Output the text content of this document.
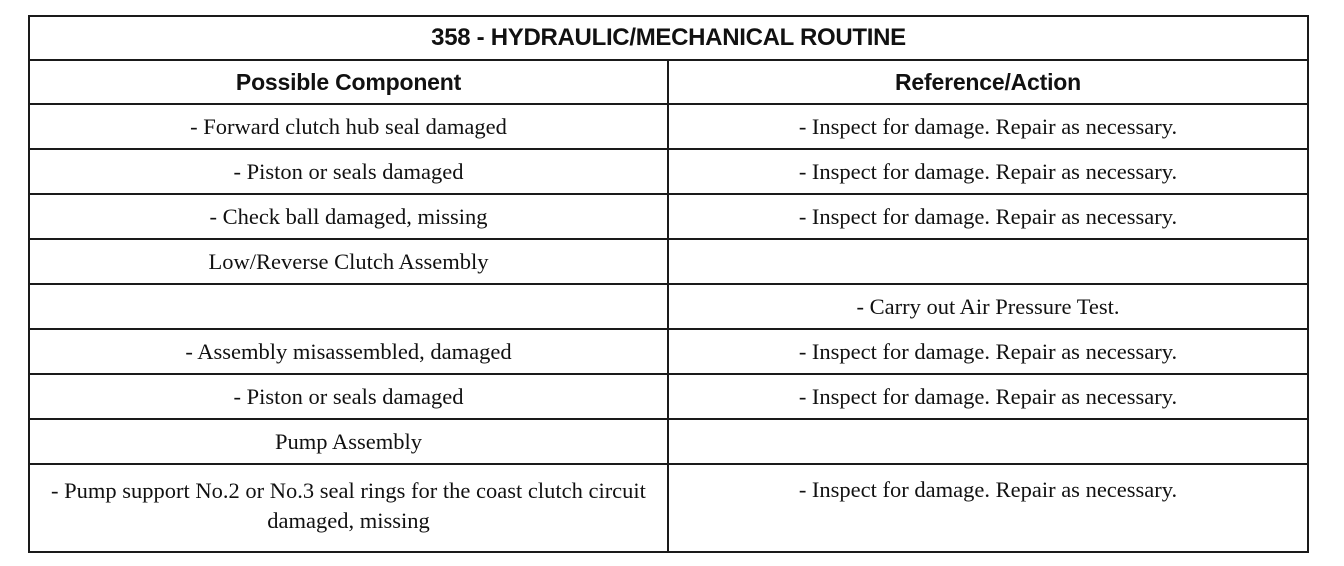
358 - HYDRAULIC/MECHANICAL ROUTINE	
Possible Component	Reference/Action
- Forward clutch hub seal damaged	- Inspect for damage. Repair as necessary.
- Piston or seals damaged	- Inspect for damage. Repair as necessary.
- Check ball damaged, missing	- Inspect for damage. Repair as necessary.
Low/Reverse Clutch Assembly	
	- Carry out Air Pressure Test.
- Assembly misassembled, damaged	- Inspect for damage. Repair as necessary.
- Piston or seals damaged	- Inspect for damage. Repair as necessary.
Pump Assembly	
- Pump support No.2 or No.3 seal rings for the coast clutch circuit damaged, missing	- Inspect for damage. Repair as necessary.
